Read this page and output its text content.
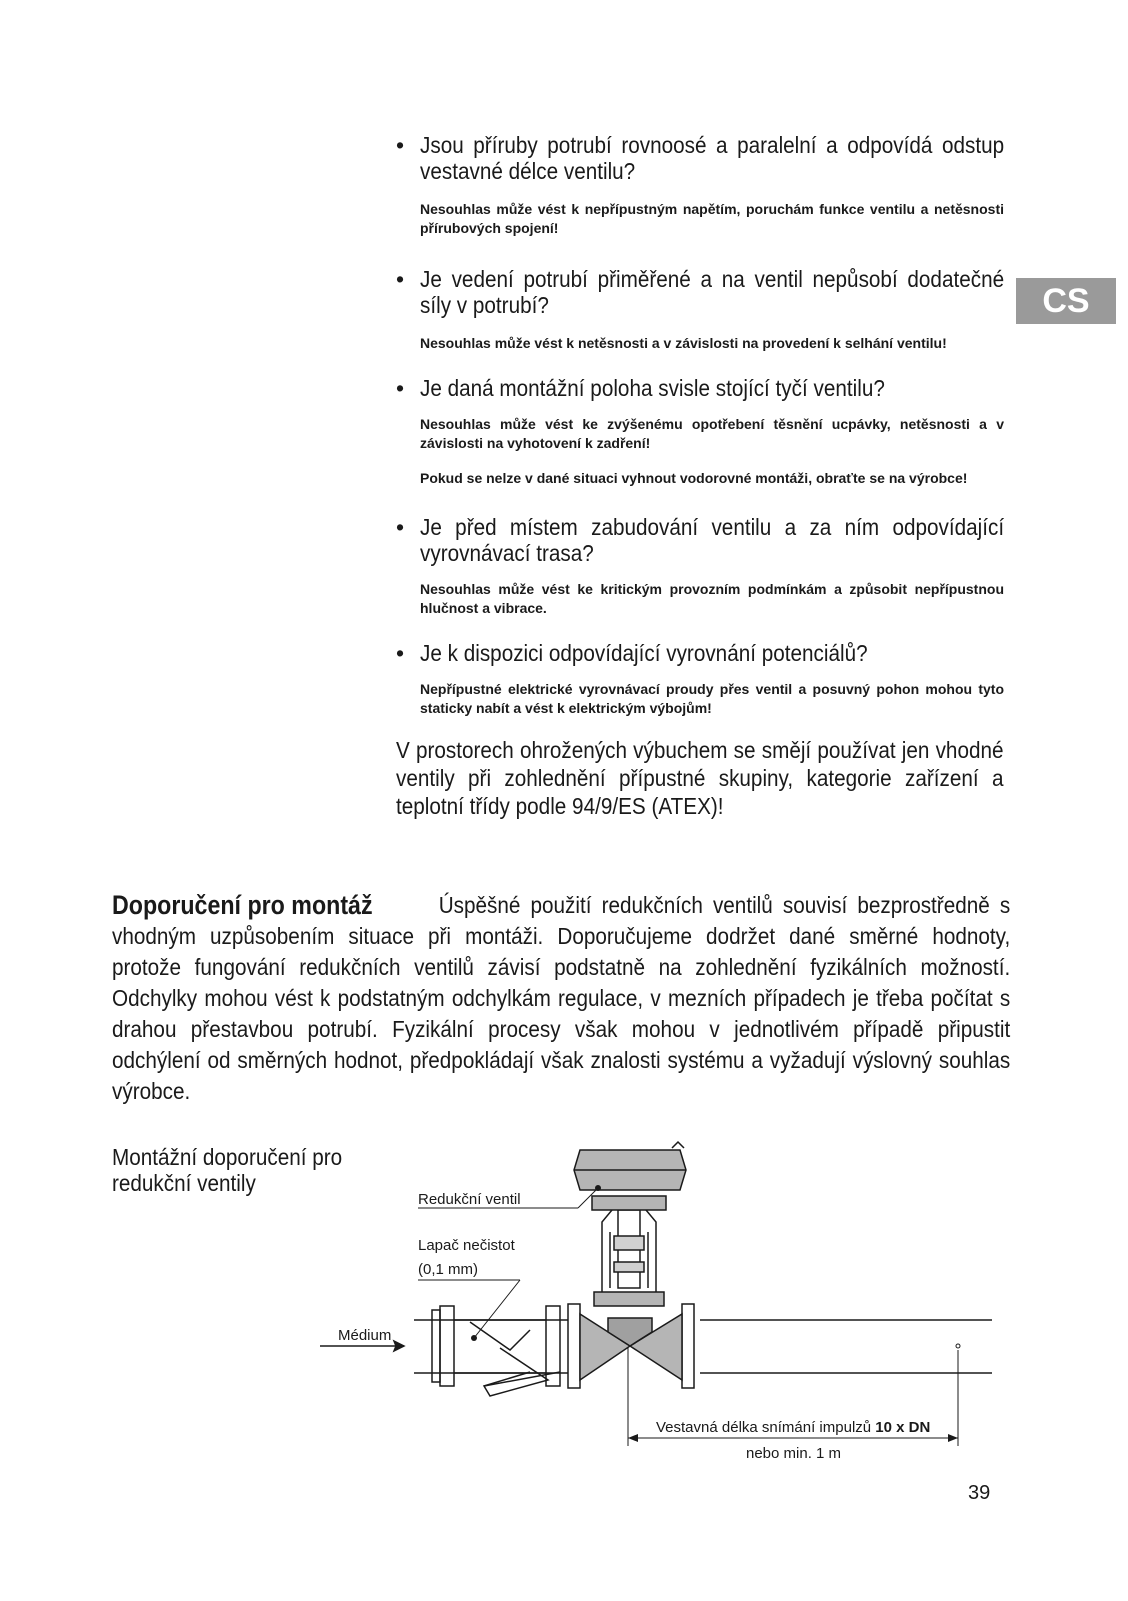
CS
• Jsou příruby potrubí rovnoosé a paralelní a odpovídá odstup vestavné délce ventilu?
Nesouhlas může vést k nepřípustným napětím, poruchám funkce ventilu a netěsnosti přírubových spojení!
• Je vedení potrubí přiměřené a na ventil nepůsobí dodatečné síly v potrubí?
Nesouhlas může vést k netěsnosti a v závislosti na provedení k selhání ventilu!
• Je daná montážní poloha svisle stojící tyčí ventilu?
Nesouhlas může vést ke zvýšenému opotřebení těsnění ucpávky, netěsnosti a v závislosti na vyhotovení k zadření!
Pokud se nelze v dané situaci vyhnout vodorovné montáži, obraťte se na výrobce!
• Je před místem zabudování ventilu a za ním odpovídající vyrovnávací trasa?
Nesouhlas může vést ke kritickým provozním podmínkám a způsobit nepřípustnou hlučnost a vibrace.
• Je k dispozici odpovídající vyrovnání potenciálů?
Nepřípustné elektrické vyrovnávací proudy přes ventil a posuvný pohon mohou tyto staticky nabít a vést k elektrickým výbojům!
V prostorech ohrožených výbuchem se smějí používat jen vhodné ventily při zohlednění přípustné skupiny, kategorie zařízení a teplotní třídy podle 94/9/ES (ATEX)!
Doporučení pro montáž	Úspěšné použití redukčních ventilů souvisí bezprostředně s vhodným uzpůsobením situace při montáži. Doporučujeme dodržet dané směrné hodnoty, protože fungování redukčních ventilů závisí podstatně na zohlednění fyzikálních možností. Odchylky mohou vést k podstatným odchylkám regulace, v mezních případech je třeba počítat s drahou přestavbou potrubí. Fyzikální procesy však mohou v jednotlivém případě připustit odchýlení od směrných hodnot, předpokládají však znalosti systému a vyžadují výslovný souhlas výrobce.

Montážní doporučení pro redukční ventily
Redukční ventil
Lapač nečistot
(0,1 mm)
Médium
Vestavná délka snímání impulzů 10 x DN
nebo min. 1 m
39
